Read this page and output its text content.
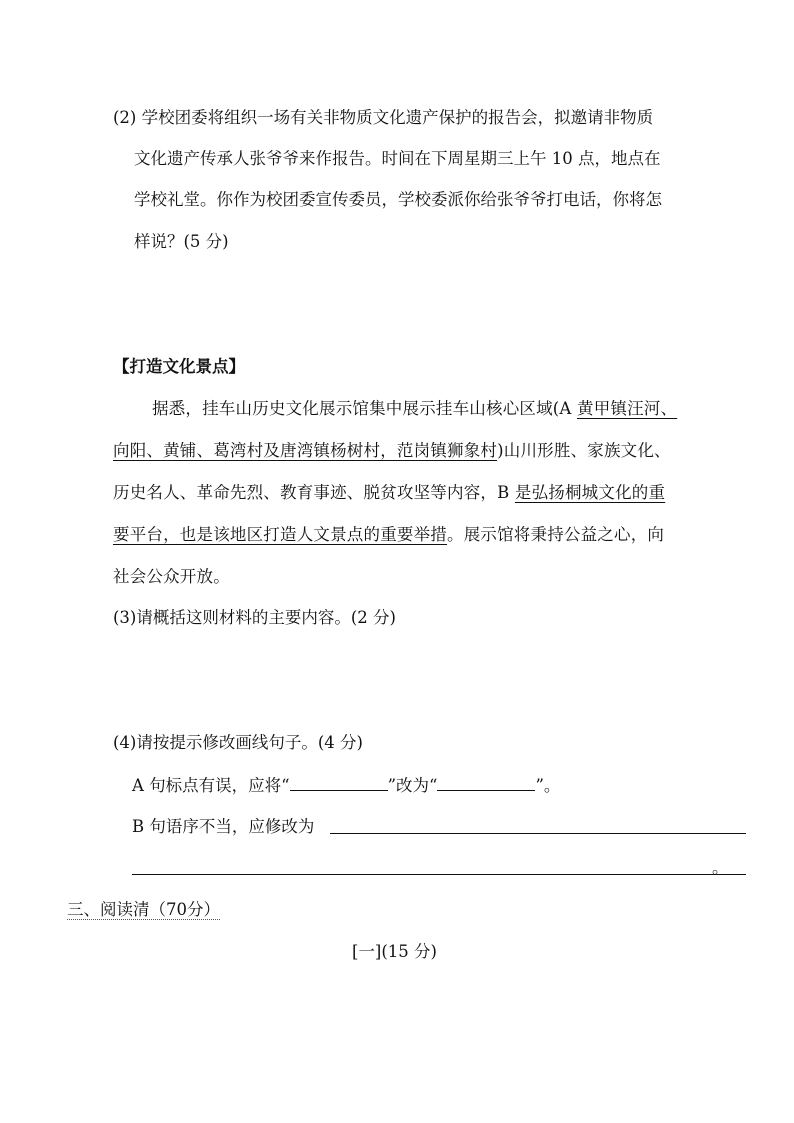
(2) 学校团委将组织一场有关非物质文化遗产保护的报告会，拟邀请非物质
文化遗产传承人张爷爷来作报告。时间在下周星期三上午 10 点，地点在
学校礼堂。你作为校团委宣传委员，学校委派你给张爷爷打电话，你将怎
样说？(5 分)
【打造文化景点】
据悉，挂车山历史文化展示馆集中展示挂车山核心区域(A 黄甲镇汪河、
向阳、黄铺、葛湾村及唐湾镇杨树村，范岗镇狮象村)山川形胜、家族文化、
历史名人、革命先烈、教育事迹、脱贫攻坚等内容，B 是弘扬桐城文化的重
要平台，也是该地区打造人文景点的重要举措。展示馆将秉持公益之心，向
社会公众开放。
(3)请概括这则材料的主要内容。(2 分)
(4)请按提示修改画线句子。(4 分)
A 句标点有误，应将“	”改为“	”。
B 句语序不当，应修改为
。
三、阅读清（70分）
[一](15 分)
